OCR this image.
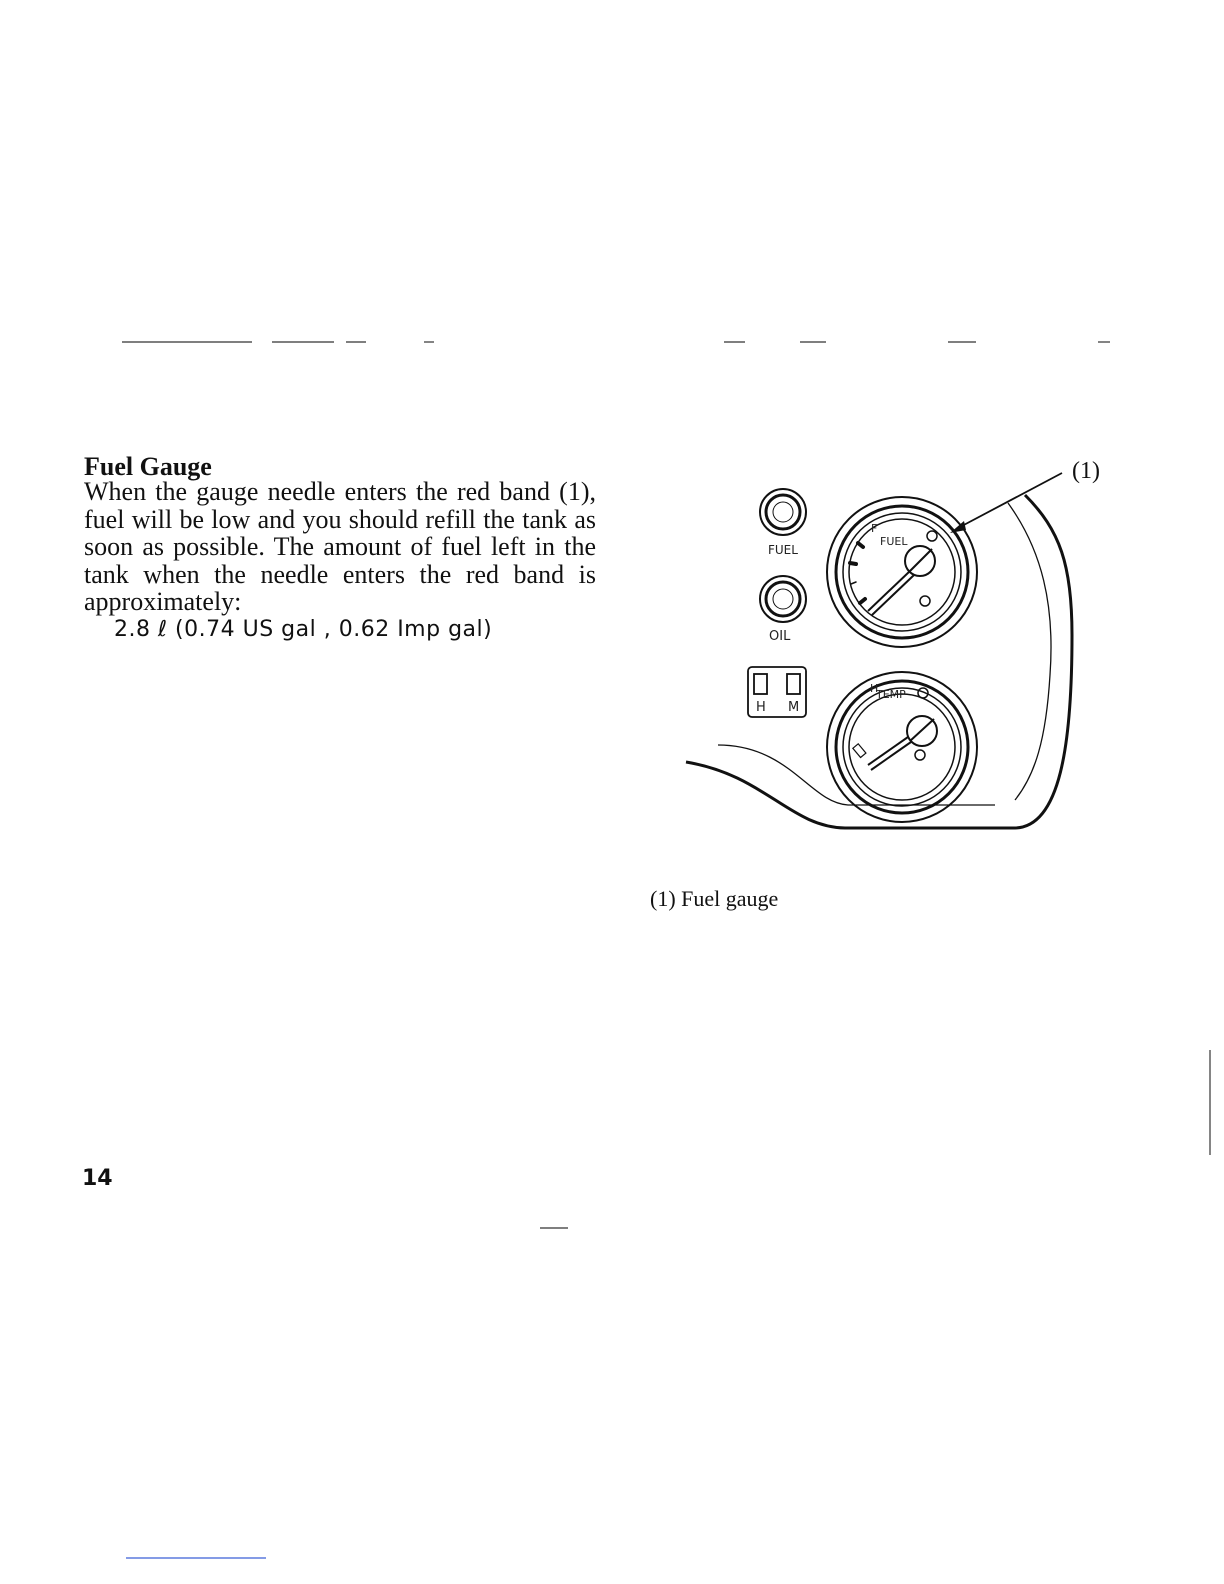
Fuel Gauge

When the gauge needle enters the red band (1), fuel will be low and you should refill the tank as soon as possible. The amount of fuel left in the tank when the needle enters the red band is approximately:

2.8 ℓ (0.74 US gal , 0.62 Imp gal)

FUEL
OIL
H M
F
FUEL
H
TEMP
(1)
(1) Fuel gauge
14
